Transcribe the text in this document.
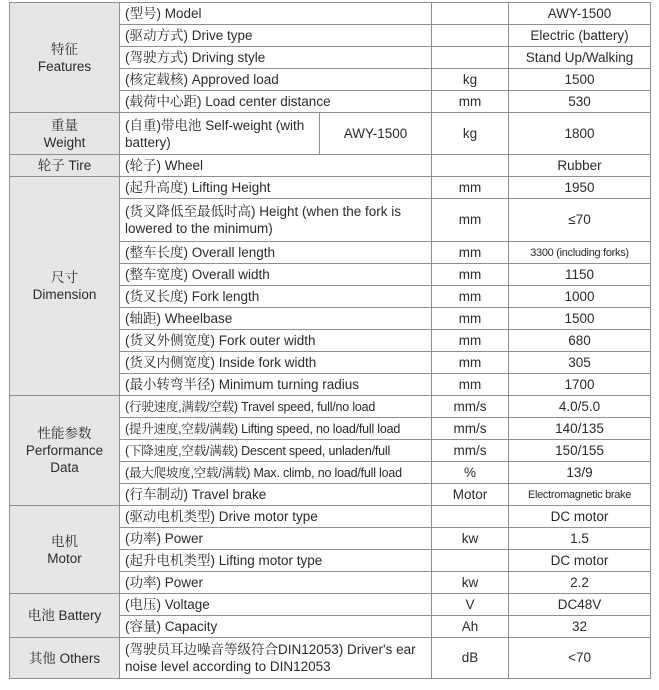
特征
Features	(型号) Model			AWY-1500
	(驱动方式) Drive type			Electric (battery)
	(驾驶方式) Driving style			Stand Up/Walking
	(核定载核) Approved load		kg	1500
	(载荷中心距) Load center distance		mm	530

重量
Weight	(自重)带电池 Self-weight (with battery)	AWY-1500	kg	1800
轮子 Tire	(轮子) Wheel			Rubber

尺寸
Dimension	(起升高度) Lifting Height		mm	1950
	(货叉降低至最低时高) Height (when the fork is lowered to the minimum)		mm	≤70
	(整车长度) Overall length		mm	3300 (including forks)
	(整车宽度) Overall width		mm	1150
	(货叉长度) Fork length		mm	1000
	(轴距) Wheelbase		mm	1500
	(货叉外侧宽度) Fork outer width		mm	680
	(货叉内侧宽度) Inside fork width		mm	305
	(最小转弯半径) Minimum turning radius		mm	1700

性能参数
Performance
Data	(行驶速度,满载/空载) Travel speed, full/no load		mm/s	4.0/5.0
	(提升速度,空载/满载) Lifting speed, no load/full load		mm/s	140/135
	(下降速度,空载/满载) Descent speed, unladen/full		mm/s	150/155
	(最大爬坡度,空载/满载) Max. climb, no load/full load		%	13/9
	(行车制动) Travel brake		Motor	Electromagnetic brake

电机
Motor	(驱动电机类型) Drive motor type			DC motor
	(功率) Power		kw	1.5
	(起升电机类型) Lifting motor type			DC motor
	(功率) Power		kw	2.2
电池 Battery	(电压) Voltage		V	DC48V
	(容量) Capacity		Ah	32
其他 Others	(驾驶员耳边噪音等级符合DIN12053) Driver's ear noise level according to DIN12053		dB	<70
